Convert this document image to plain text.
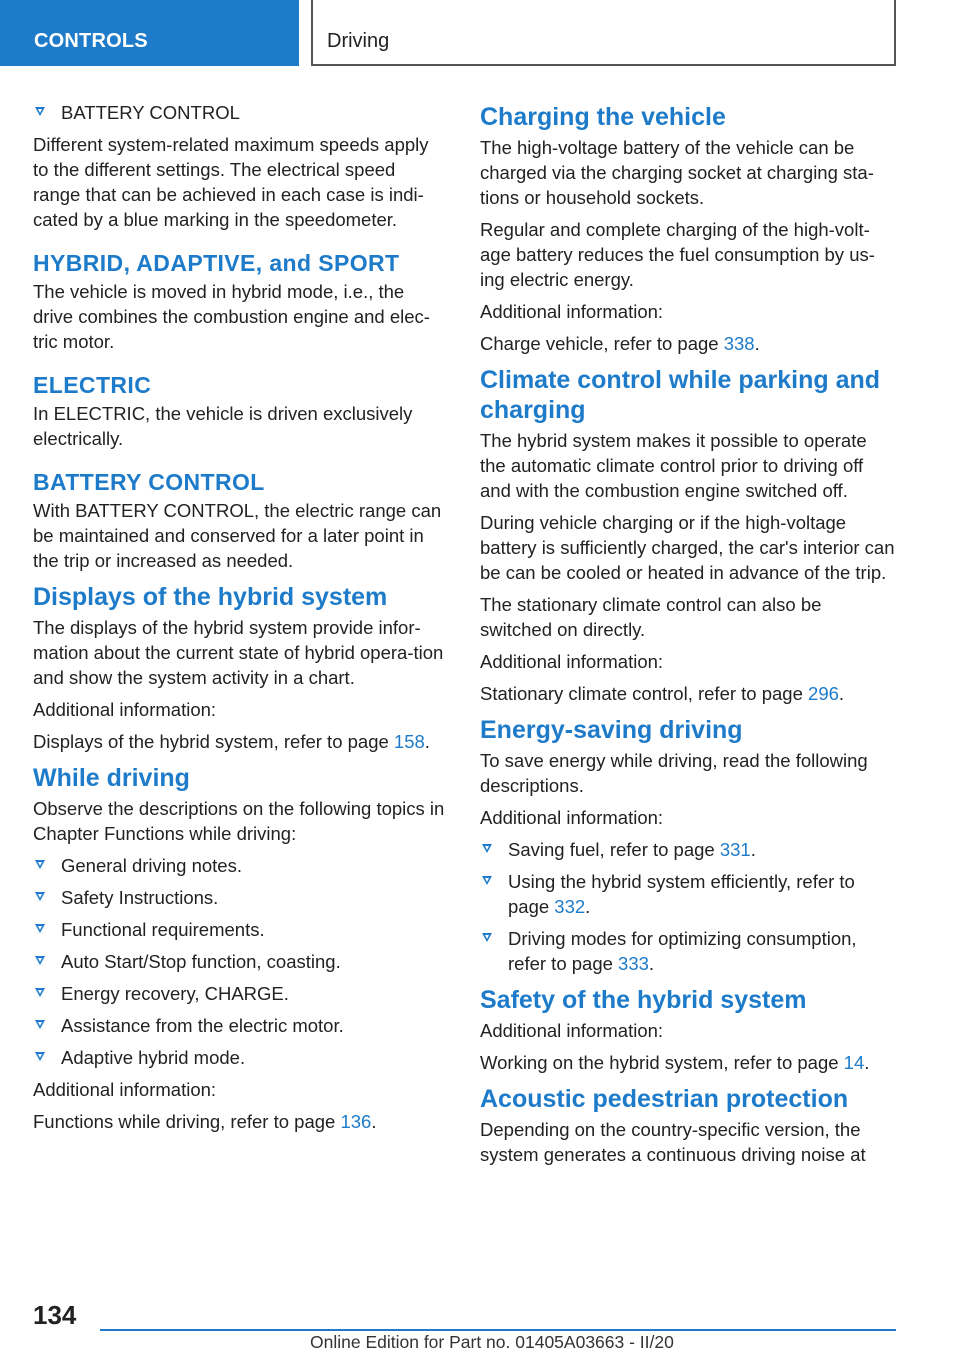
CONTROLS	Driving
BATTERY CONTROL

Different system-related maximum speeds apply to the different settings. The electrical speed range that can be achieved in each case is indi-cated by a blue marking in the speedometer.

HYBRID, ADAPTIVE, and SPORT

The vehicle is moved in hybrid mode, i.e., the drive combines the combustion engine and elec-tric motor.

ELECTRIC

In ELECTRIC, the vehicle is driven exclusively electrically.

BATTERY CONTROL

With BATTERY CONTROL, the electric range can be maintained and conserved for a later point in the trip or increased as needed.

Displays of the hybrid system

The displays of the hybrid system provide infor-mation about the current state of hybrid opera-tion and show the system activity in a chart.

Additional information:

Displays of the hybrid system, refer to page 158.

While driving

Observe the descriptions on the following topics in Chapter Functions while driving:

General driving notes.
Safety Instructions.
Functional requirements.
Auto Start/Stop function, coasting.
Energy recovery, CHARGE.
Assistance from the electric motor.
Adaptive hybrid mode.

Additional information:

Functions while driving, refer to page 136.

Charging the vehicle

The high-voltage battery of the vehicle can be charged via the charging socket at charging sta-tions or household sockets.

Regular and complete charging of the high-volt-age battery reduces the fuel consumption by us-ing electric energy.

Additional information:

Charge vehicle, refer to page 338.

Climate control while parking and charging

The hybrid system makes it possible to operate the automatic climate control prior to driving off and with the combustion engine switched off.

During vehicle charging or if the high-voltage battery is sufficiently charged, the car's interior can be can be cooled or heated in advance of the trip.

The stationary climate control can also be switched on directly.

Additional information:

Stationary climate control, refer to page 296.

Energy-saving driving

To save energy while driving, read the following descriptions.

Additional information:

Saving fuel, refer to page 331.
Using the hybrid system efficiently, refer to page 332.
Driving modes for optimizing consumption, refer to page 333.
Safety of the hybrid system

Additional information:

Working on the hybrid system, refer to page 14.

Acoustic pedestrian protection

Depending on the country-specific version, the system generates a continuous driving noise at

134
Online Edition for Part no. 01405A03663 - II/20
